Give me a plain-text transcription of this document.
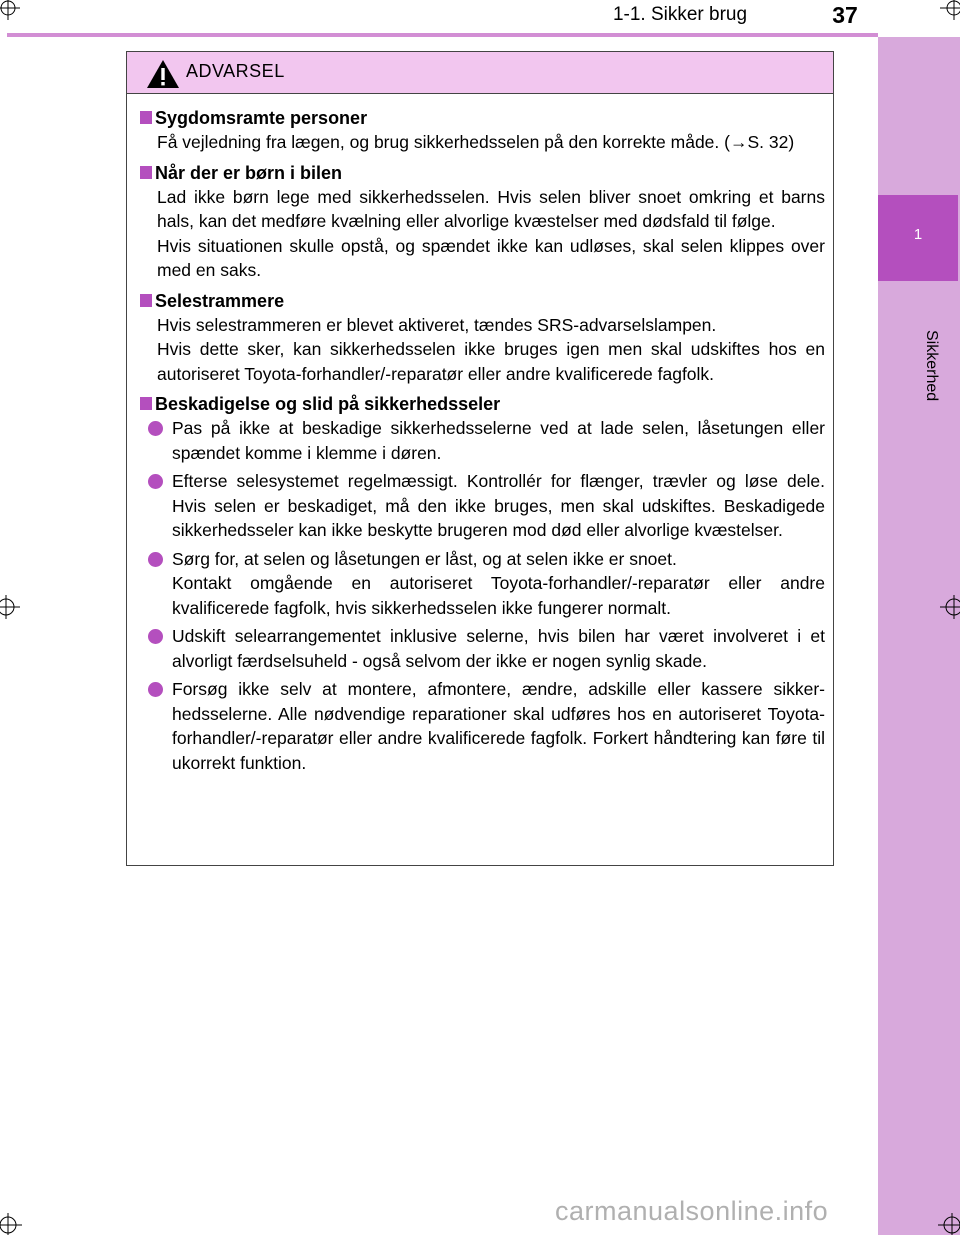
1-1. Sikker brug	37
1
Sikkerhed
ADVARSEL
Sygdomsramte personer
Få vejledning fra lægen, og brug sikkerhedsselen på den korrekte måde. (→S. 32)
Når der er børn i bilen
Lad ikke børn lege med sikkerhedsselen. Hvis selen bliver snoet omkring et barns hals, kan det medføre kvælning eller alvorlige kvæstelser med dødsfald til følge.
Hvis situationen skulle opstå, og spændet ikke kan udløses, skal selen klippes over med en saks.
Selestrammere
Hvis selestrammeren er blevet aktiveret, tændes SRS-advarselslampen.
Hvis dette sker, kan sikkerhedsselen ikke bruges igen men skal udskiftes hos en autoriseret Toyota-forhandler/-reparatør eller andre kvalificerede fagfolk.
Beskadigelse og slid på sikkerhedsseler
Pas på ikke at beskadige sikkerhedsselerne ved at lade selen, låsetungen eller spændet komme i klemme i døren.
Efterse selesystemet regelmæssigt. Kontrollér for flænger, trævler og løse dele. Hvis selen er beskadiget, må den ikke bruges, men skal udskiftes. Beskadigede sikkerhedsseler kan ikke beskytte brugeren mod død eller alvorlige kvæstelser.
Sørg for, at selen og låsetungen er låst, og at selen ikke er snoet.
Kontakt omgående en autoriseret Toyota-forhandler/-reparatør eller andre kvalificerede fagfolk, hvis sikkerhedsselen ikke fungerer normalt.
Udskift selearrangementet inklusive selerne, hvis bilen har været involveret i et alvorligt færdselsuheld - også selvom der ikke er nogen synlig skade.
Forsøg ikke selv at montere, afmontere, ændre, adskille eller kassere sikker-hedsselerne. Alle nødvendige reparationer skal udføres hos en autoriseret Toyota-forhandler/-reparatør eller andre kvalificerede fagfolk. Forkert håndtering kan føre til ukorrekt funktion.
carmanualsonline.info
